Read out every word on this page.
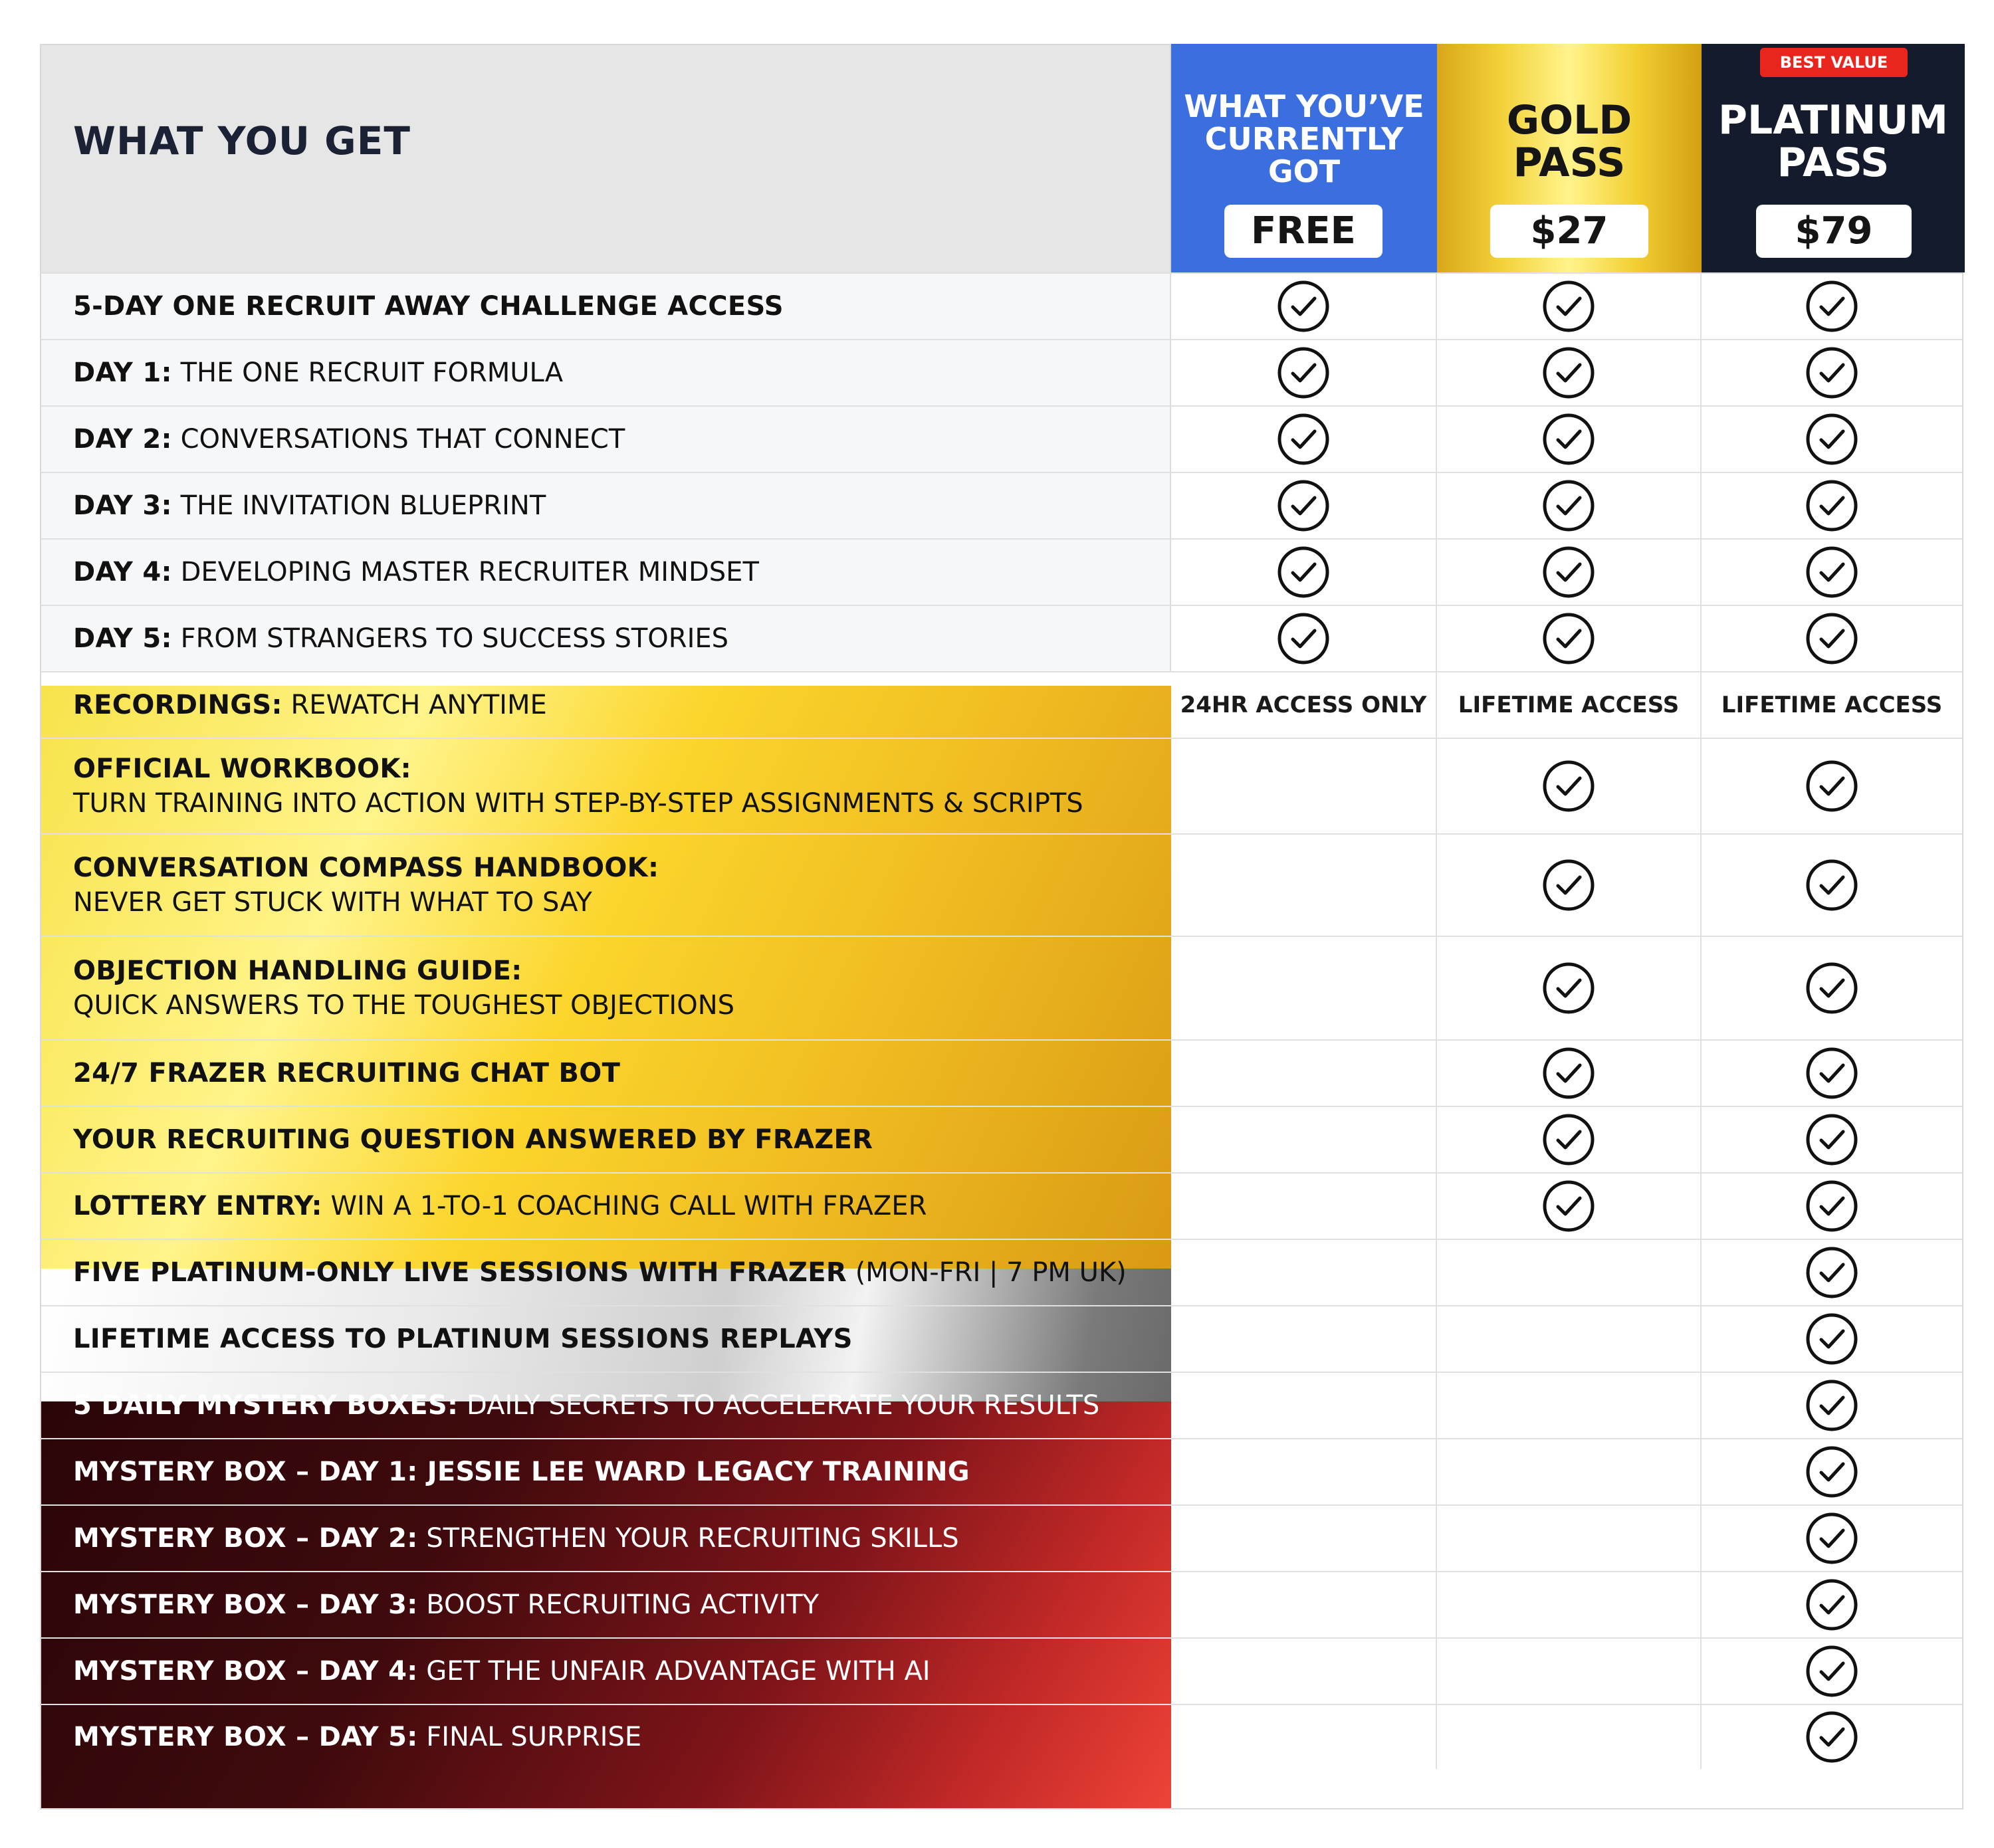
WHAT YOU GET
WHAT YOU’VE CURRENTLY GOT
FREE
GOLD
PASS
$27
BEST VALUE
PLATINUM
PASS
$79
5-DAY ONE RECRUIT AWAY CHALLENGE ACCESS
DAY 1: THE ONE RECRUIT FORMULA
DAY 2: CONVERSATIONS THAT CONNECT
DAY 3: THE INVITATION BLUEPRINT
DAY 4: DEVELOPING MASTER RECRUITER MINDSET
DAY 5: FROM STRANGERS TO SUCCESS STORIES
RECORDINGS: REWATCH ANYTIME	24HR ACCESS ONLY LIFETIME ACCESS LIFETIME ACCESS
OFFICIAL WORKBOOK:
TURN TRAINING INTO ACTION WITH STEP-BY-STEP ASSIGNMENTS & SCRIPTS
CONVERSATION COMPASS HANDBOOK:
NEVER GET STUCK WITH WHAT TO SAY
OBJECTION HANDLING GUIDE:
QUICK ANSWERS TO THE TOUGHEST OBJECTIONS
24/7 FRAZER RECRUITING CHAT BOT
YOUR RECRUITING QUESTION ANSWERED BY FRAZER
LOTTERY ENTRY: WIN A 1-TO-1 COACHING CALL WITH FRAZER
FIVE PLATINUM-ONLY LIVE SESSIONS WITH FRAZER (MON-FRI | 7 PM UK)
LIFETIME ACCESS TO PLATINUM SESSIONS REPLAYS
5 DAILY MYSTERY BOXES: DAILY SECRETS TO ACCELERATE YOUR RESULTS
MYSTERY BOX – DAY 1: JESSIE LEE WARD LEGACY TRAINING
MYSTERY BOX – DAY 2: STRENGTHEN YOUR RECRUITING SKILLS
MYSTERY BOX – DAY 3: BOOST RECRUITING ACTIVITY
MYSTERY BOX – DAY 4: GET THE UNFAIR ADVANTAGE WITH AI
MYSTERY BOX – DAY 5: FINAL SURPRISE
